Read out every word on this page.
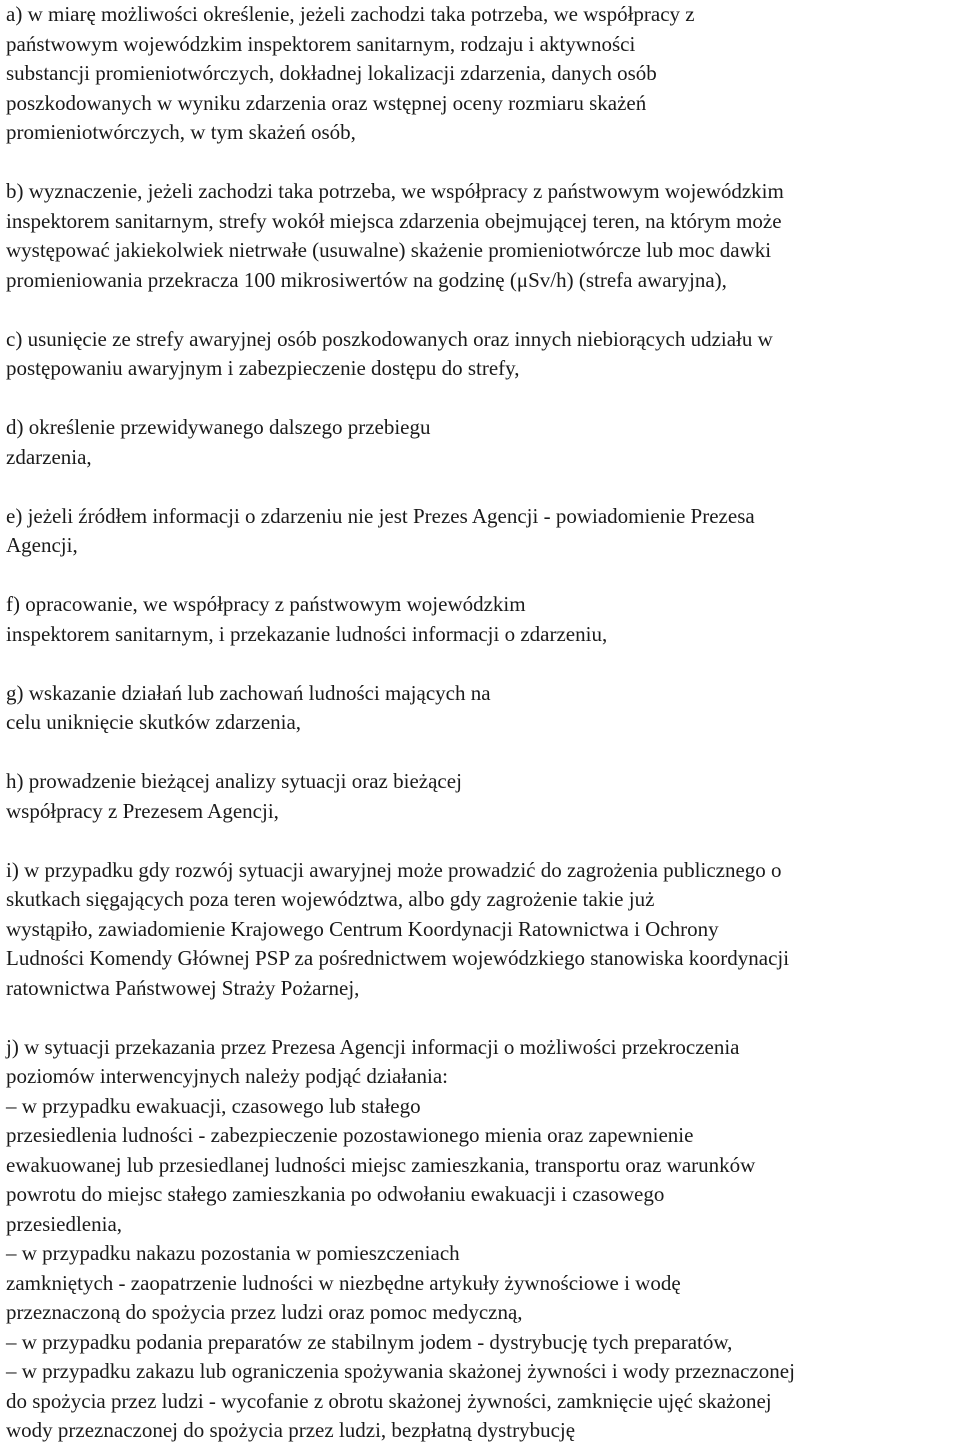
a) w miarę możliwości określenie, jeżeli zachodzi taka potrzeba, we współpracy z
państwowym wojewódzkim inspektorem sanitarnym, rodzaju i aktywności
substancji promieniotwórczych, dokładnej lokalizacji zdarzenia, danych osób
poszkodowanych w wyniku zdarzenia oraz wstępnej oceny rozmiaru skażeń
promieniotwórczych, w tym skażeń osób,
b) wyznaczenie, jeżeli zachodzi taka potrzeba, we współpracy z państwowym wojewódzkim
inspektorem sanitarnym, strefy wokół miejsca zdarzenia obejmującej teren, na którym może
występować jakiekolwiek nietrwałe (usuwalne) skażenie promieniotwórcze lub moc dawki
promieniowania przekracza 100 mikrosiwertów na godzinę (μSv/h) (strefa awaryjna),
c) usunięcie ze strefy awaryjnej osób poszkodowanych oraz innych niebiorących udziału w
postępowaniu awaryjnym i zabezpieczenie dostępu do strefy,
d) określenie przewidywanego dalszego przebiegu
zdarzenia,
e) jeżeli źródłem informacji o zdarzeniu nie jest Prezes Agencji - powiadomienie Prezesa
Agencji,
f) opracowanie, we współpracy z państwowym wojewódzkim
inspektorem sanitarnym, i przekazanie ludności informacji o zdarzeniu,
g) wskazanie działań lub zachowań ludności mających na
celu uniknięcie skutków zdarzenia,
h) prowadzenie bieżącej analizy sytuacji oraz bieżącej
współpracy z Prezesem Agencji,
i) w przypadku gdy rozwój sytuacji awaryjnej może prowadzić do zagrożenia publicznego o
skutkach sięgających poza teren województwa, albo gdy zagrożenie takie już
wystąpiło, zawiadomienie Krajowego Centrum Koordynacji Ratownictwa i Ochrony
Ludności Komendy Głównej PSP za pośrednictwem wojewódzkiego stanowiska koordynacji
ratownictwa Państwowej Straży Pożarnej,
j) w sytuacji przekazania przez Prezesa Agencji informacji o możliwości przekroczenia
poziomów interwencyjnych należy podjąć działania:
– w przypadku ewakuacji, czasowego lub stałego
przesiedlenia ludności - zabezpieczenie pozostawionego mienia oraz zapewnienie
ewakuowanej lub przesiedlanej ludności miejsc zamieszkania, transportu oraz warunków
powrotu do miejsc stałego zamieszkania po odwołaniu ewakuacji i czasowego
przesiedlenia,
– w przypadku nakazu pozostania w pomieszczeniach
zamkniętych - zaopatrzenie ludności w niezbędne artykuły żywnościowe i wodę
przeznaczoną do spożycia przez ludzi oraz pomoc medyczną,
– w przypadku podania preparatów ze stabilnym jodem - dystrybucję tych preparatów,
– w przypadku zakazu lub ograniczenia spożywania skażonej żywności i wody przeznaczonej
do spożycia przez ludzi - wycofanie z obrotu skażonej żywności, zamknięcie ujęć skażonej
wody przeznaczonej do spożycia przez ludzi, bezpłatną dystrybucję
